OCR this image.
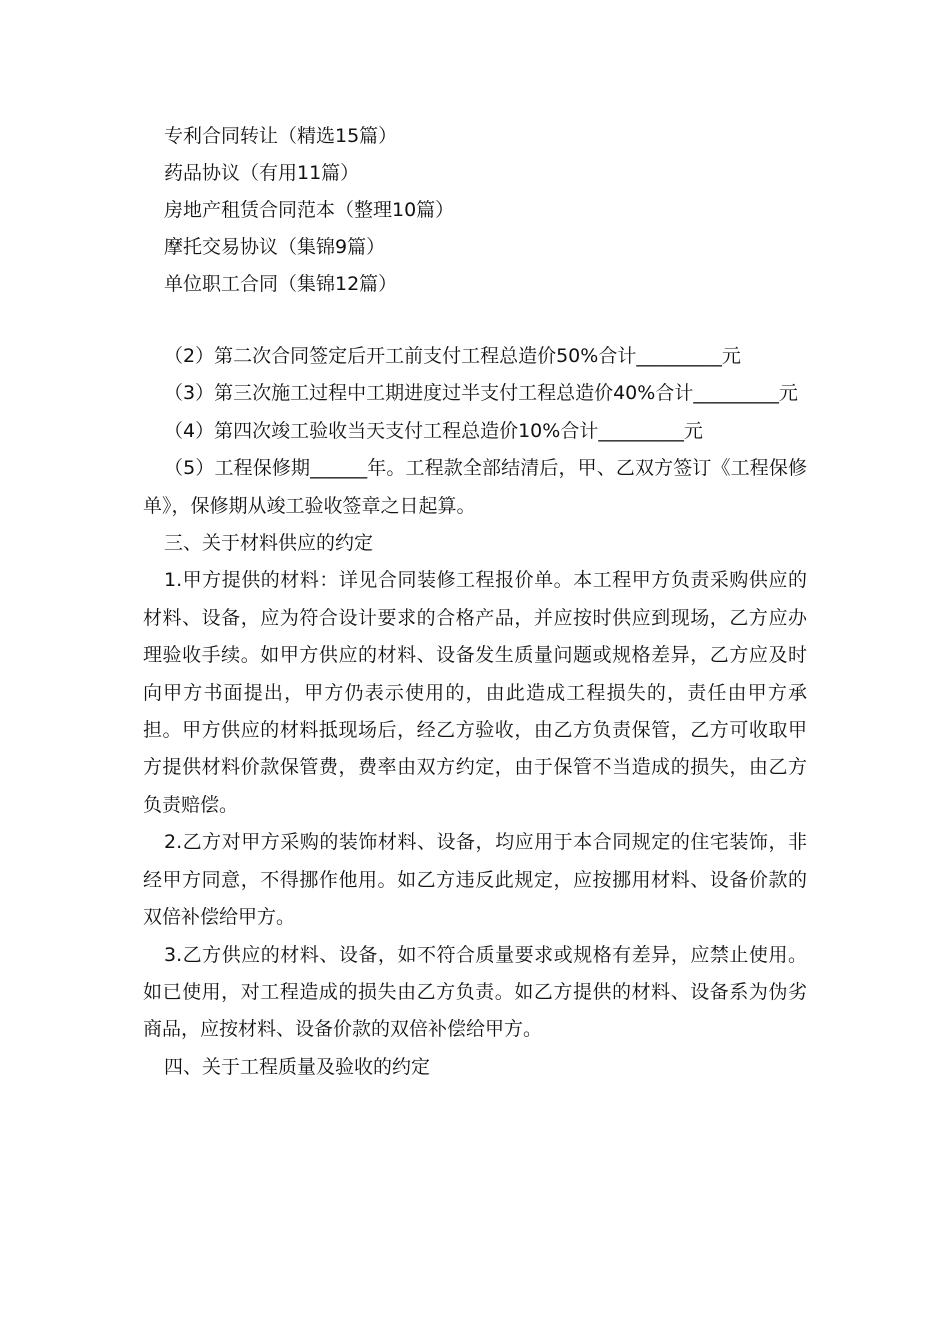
专利合同转让（精选15篇）
药品协议（有用11篇）
房地产租赁合同范本（整理10篇）
摩托交易协议（集锦9篇）
单位职工合同（集锦12篇）

（2）第二次合同签定后开工前支付工程总造价50%合计_________元

（3）第三次施工过程中工期进度过半支付工程总造价40%合计_________元

（4）第四次竣工验收当天支付工程总造价10%合计_________元

（5）工程保修期______年。工程款全部结清后，甲、乙双方签订《工程保修单》，保修期从竣工验收签章之日起算。

三、关于材料供应的约定

1.甲方提供的材料：详见合同装修工程报价单。本工程甲方负责采购供应的材料、设备，应为符合设计要求的合格产品，并应按时供应到现场，乙方应办理验收手续。如甲方供应的材料、设备发生质量问题或规格差异，乙方应及时向甲方书面提出，甲方仍表示使用的，由此造成工程损失的，责任由甲方承担。甲方供应的材料抵现场后，经乙方验收，由乙方负责保管，乙方可收取甲方提供材料价款保管费，费率由双方约定，由于保管不当造成的损失，由乙方负责赔偿。

2.乙方对甲方采购的装饰材料、设备，均应用于本合同规定的住宅装饰，非经甲方同意，不得挪作他用。如乙方违反此规定，应按挪用材料、设备价款的双倍补偿给甲方。

3.乙方供应的材料、设备，如不符合质量要求或规格有差异，应禁止使用。如已使用，对工程造成的损失由乙方负责。如乙方提供的材料、设备系为伪劣商品，应按材料、设备价款的双倍补偿给甲方。

四、关于工程质量及验收的约定
